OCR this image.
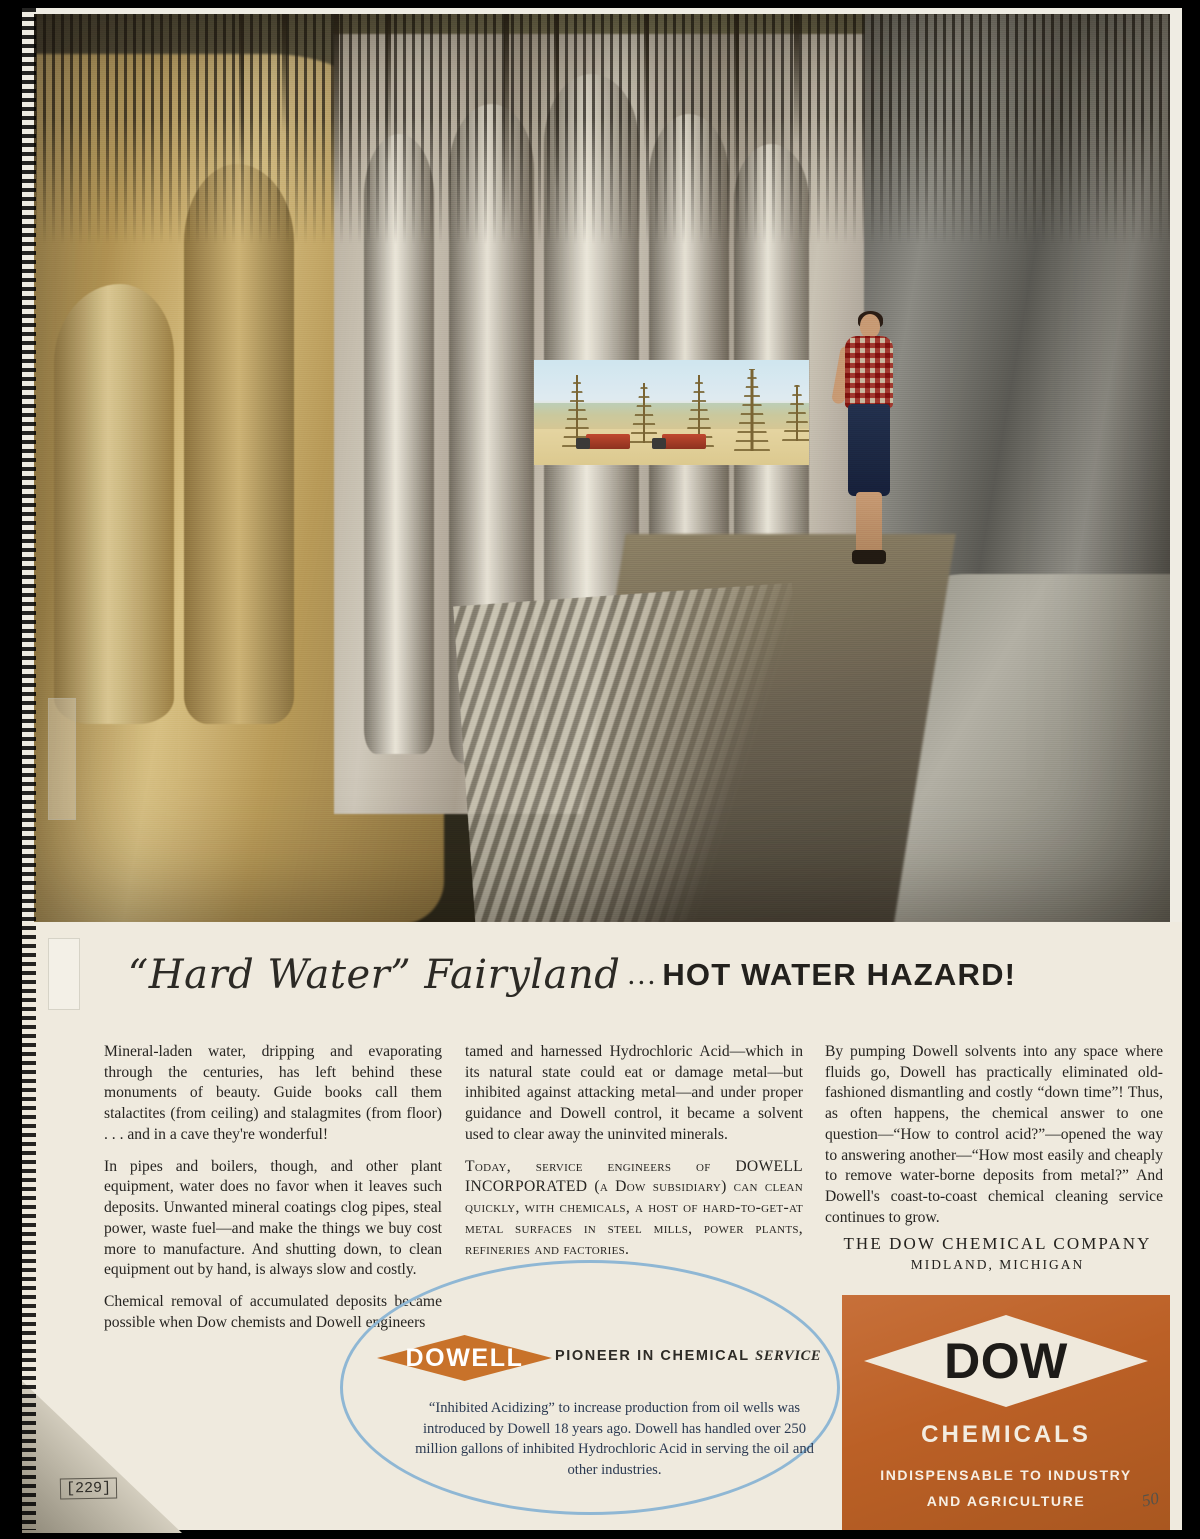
“Hard Water” Fairyland … HOT WATER HAZARD!

Mineral-laden water, dripping and evaporating through the centuries, has left behind these monuments of beauty. Guide books call them stalactites (from ceiling) and stalagmites (from floor) . . . and in a cave they're wonderful!

In pipes and boilers, though, and other plant equipment, water does no favor when it leaves such deposits. Unwanted mineral coatings clog pipes, steal power, waste fuel—and make the things we buy cost more to manufacture. And shutting down, to clean equipment out by hand, is always slow and costly.

Chemical removal of accumulated deposits became possible when Dow chemists and Dowell engineers

tamed and harnessed Hydrochloric Acid—which in its natural state could eat or damage metal—but inhibited against attacking metal—and under proper guidance and Dowell control, it became a solvent used to clear away the uninvited minerals.

Today, service engineers of DOWELL INCORPORATED (a Dow subsidiary) can clean quickly, with chemicals, a host of hard-to-get-at metal surfaces in steel mills, power plants, refineries and factories.

By pumping Dowell solvents into any space where fluids go, Dowell has practically eliminated old-fashioned dismantling and costly “down time”! Thus, as often happens, the chemical answer to one question—“How to control acid?”—opened the way to answering another—“How most easily and cheaply to remove water-borne deposits from metal?” And Dowell's coast-to-coast chemical cleaning service continues to grow.

THE DOW CHEMICAL COMPANY
MIDLAND, MICHIGAN
DOWELL	PIONEER IN CHEMICAL SERVICE
“Inhibited Acidizing” to increase production from oil wells was introduced by Dowell 18 years ago. Dowell has handled over 250 million gallons of inhibited Hydrochloric Acid in serving the oil and other industries.
DOW
CHEMICALS
INDISPENSABLE TO INDUSTRY
AND AGRICULTURE
[229]	50
